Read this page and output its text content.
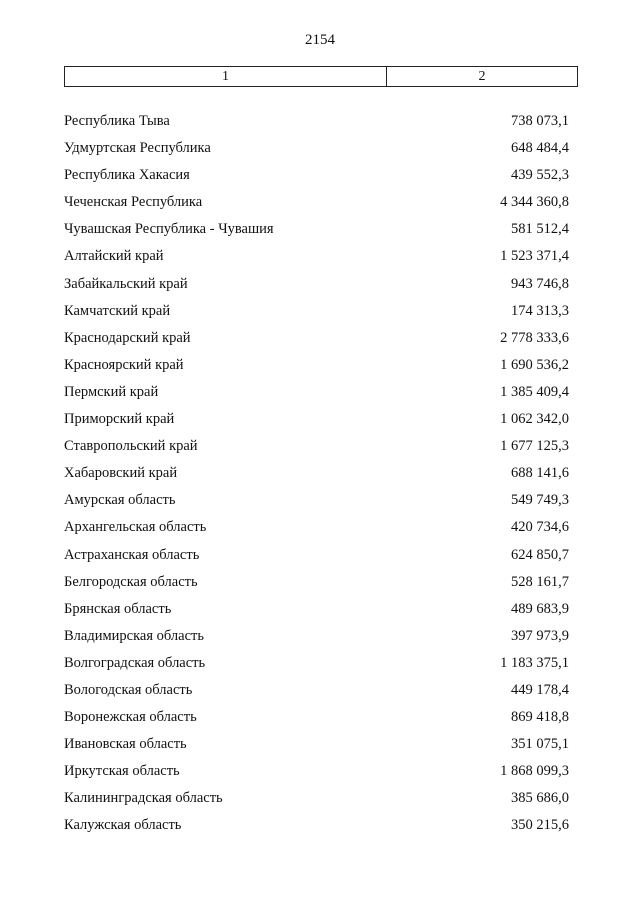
2154
1	2
Республика Тыва	738 073,1
Удмуртская Республика	648 484,4
Республика Хакасия	439 552,3
Чеченская Республика	4 344 360,8
Чувашская Республика - Чувашия	581 512,4
Алтайский край	1 523 371,4
Забайкальский край	943 746,8
Камчатский край	174 313,3
Краснодарский край	2 778 333,6
Красноярский край	1 690 536,2
Пермский край	1 385 409,4
Приморский край	1 062 342,0
Ставропольский край	1 677 125,3
Хабаровский край	688 141,6
Амурская область	549 749,3
Архангельская область	420 734,6
Астраханская область	624 850,7
Белгородская область	528 161,7
Брянская область	489 683,9
Владимирская область	397 973,9
Волгоградская область	1 183 375,1
Вологодская область	449 178,4
Воронежская область	869 418,8
Ивановская область	351 075,1
Иркутская область	1 868 099,3
Калининградская область	385 686,0
Калужская область	350 215,6
